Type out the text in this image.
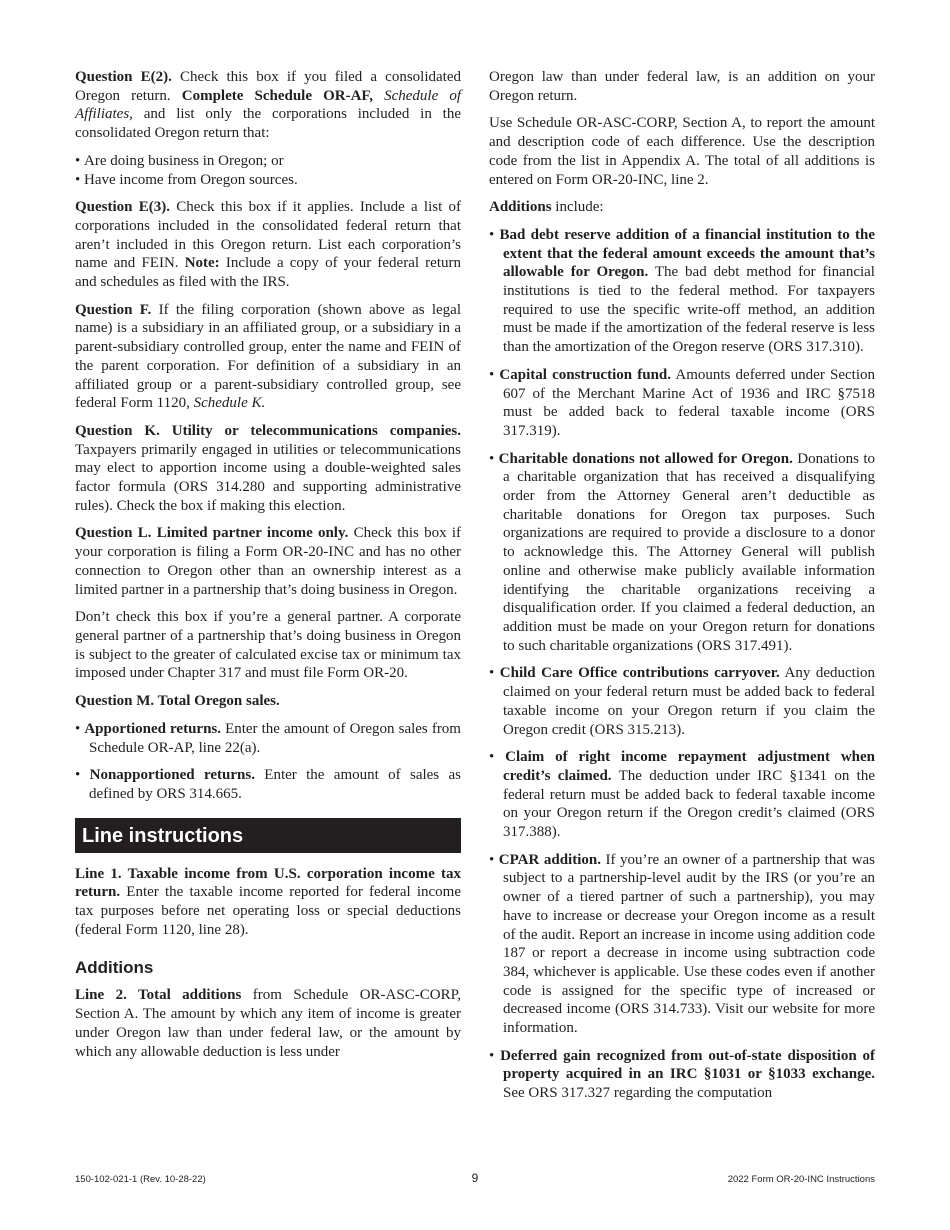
Question E(2). Check this box if you filed a consolidated Oregon return. Complete Schedule OR-AF, Schedule of Affiliates, and list only the corporations included in the consolidated Oregon return that:

• Are doing business in Oregon; or
• Have income from Oregon sources.

Question E(3). Check this box if it applies. Include a list of corporations included in the consolidated federal return that aren’t included in this Oregon return. List each corporation’s name and FEIN. Note: Include a copy of your federal return and schedules as filed with the IRS.

Question F. If the filing corporation (shown above as legal name) is a subsidiary in an affiliated group, or a subsidiary in a parent-subsidiary controlled group, enter the name and FEIN of the parent corporation. For definition of a subsidiary in an affiliated group or a parent-subsidiary controlled group, see federal Form 1120, Schedule K.

Question K. Utility or telecommunications companies. Taxpayers primarily engaged in utilities or telecommunications may elect to apportion income using a double-weighted sales factor formula (ORS 314.280 and supporting administrative rules). Check the box if making this election.

Question L. Limited partner income only. Check this box if your corporation is filing a Form OR-20-INC and has no other connection to Oregon other than an ownership interest as a limited partner in a partnership that’s doing business in Oregon.

Don’t check this box if you’re a general partner. A corporate general partner of a partnership that’s doing business in Oregon is subject to the greater of calculated excise tax or minimum tax imposed under Chapter 317 and must file Form OR-20.

Question M. Total Oregon sales.

• Apportioned returns. Enter the amount of Oregon sales from Schedule OR-AP, line 22(a).
• Nonapportioned returns. Enter the amount of sales as defined by ORS 314.665.
Line instructions

Line 1. Taxable income from U.S. corporation income tax return. Enter the taxable income reported for federal income tax purposes before net operating loss or special deductions (federal Form 1120, line 28).

Additions

Line 2. Total additions from Schedule OR-ASC-CORP, Section A. The amount by which any item of income is greater under Oregon law than under federal law, or the amount by which any allowable deduction is less under

Oregon law than under federal law, is an addition on your Oregon return.

Use Schedule OR-ASC-CORP, Section A, to report the amount and description code of each difference. Use the description code from the list in Appendix A. The total of all additions is entered on Form OR-20-INC, line 2.

Additions include:

• Bad debt reserve addition of a financial institution to the extent that the federal amount exceeds the amount that’s allowable for Oregon. The bad debt method for financial institutions is tied to the federal method. For taxpayers required to use the specific write-off method, an addition must be made if the amortization of the federal reserve is less than the amortization of the Oregon reserve (ORS 317.310).
• Capital construction fund. Amounts deferred under Section 607 of the Merchant Marine Act of 1936 and IRC §7518 must be added back to federal taxable income (ORS 317.319).
• Charitable donations not allowed for Oregon. Donations to a charitable organization that has received a disqualifying order from the Attorney General aren’t deductible as charitable donations for Oregon tax purposes. Such organizations are required to provide a disclosure to a donor to acknowledge this. The Attorney General will publish online and otherwise make publicly available information identifying the charitable organizations receiving a disqualification order. If you claimed a federal deduction, an addition must be made on your Oregon return for donations to such charitable organizations (ORS 317.491).
• Child Care Office contributions carryover. Any deduction claimed on your federal return must be added back to federal taxable income on your Oregon return if you claim the Oregon credit (ORS 315.213).
• Claim of right income repayment adjustment when credit’s claimed. The deduction under IRC §1341 on the federal return must be added back to federal taxable income on your Oregon return if the Oregon credit’s claimed (ORS 317.388).
• CPAR addition. If you’re an owner of a partnership that was subject to a partnership-level audit by the IRS (or you’re an owner of a tiered partner of such a partnership), you may have to increase or decrease your Oregon income as a result of the audit. Report an increase in income using addition code 187 or report a decrease in income using subtraction code 384, whichever is applicable. Use these codes even if another code is assigned for the specific type of increased or decreased income (ORS 314.733). Visit our website for more information.
• Deferred gain recognized from out-of-state disposition of property acquired in an IRC §1031 or §1033 exchange. See ORS 317.327 regarding the computation
150-102-021-1 (Rev. 10-28-22)	9	2022 Form OR-20-INC Instructions
